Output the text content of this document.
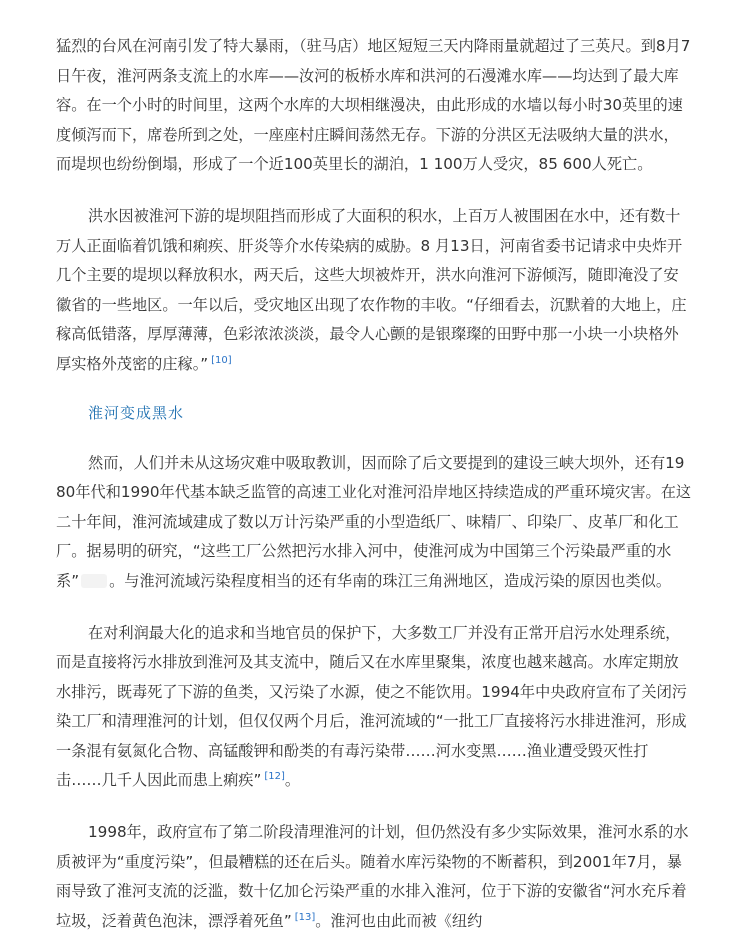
猛烈的台风在河南引发了特大暴雨，（驻马店）地区短短三天内降雨量就超过了三英尺。到8月7日午夜，淮河两条支流上的水库——汝河的板桥水库和洪河的石漫滩水库——均达到了最大库容。在一个小时的时间里，这两个水库的大坝相继漫决，由此形成的水墙以每小时30英里的速度倾泻而下，席卷所到之处，一座座村庄瞬间荡然无存。下游的分洪区无法吸纳大量的洪水，而堤坝也纷纷倒塌，形成了一个近100英里长的湖泊，1 100万人受灾，85 600人死亡。

洪水因被淮河下游的堤坝阻挡而形成了大面积的积水，上百万人被围困在水中，还有数十万人正面临着饥饿和痢疾、肝炎等介水传染病的威胁。8 月13日，河南省委书记请求中央炸开几个主要的堤坝以释放积水，两天后，这些大坝被炸开，洪水向淮河下游倾泻，随即淹没了安徽省的一些地区。一年以后，受灾地区出现了农作物的丰收。“仔细看去，沉默着的大地上，庄稼高低错落，厚厚薄薄，色彩浓浓淡淡，最令人心颤的是银璨璨的田野中那一小块一小块格外厚实格外茂密的庄稼。” [10]

淮河变成黑水

然而，人们并未从这场灾难中吸取教训，因而除了后文要提到的建设三峡大坝外，还有1980年代和1990年代基本缺乏监管的高速工业化对淮河沿岸地区持续造成的严重环境灾害。在这二十年间，淮河流域建成了数以万计污染严重的小型造纸厂、味精厂、印染厂、皮革厂和化工厂。据易明的研究，“这些工厂公然把污水排入河中，使淮河成为中国第三个污染最严重的水系” 。与淮河流域污染程度相当的还有华南的珠江三角洲地区，造成污染的原因也类似。

在对利润最大化的追求和当地官员的保护下，大多数工厂并没有正常开启污水处理系统，而是直接将污水排放到淮河及其支流中，随后又在水库里聚集，浓度也越来越高。水库定期放水排污，既毒死了下游的鱼类，又污染了水源，使之不能饮用。1994年中央政府宣布了关闭污染工厂和清理淮河的计划，但仅仅两个月后，淮河流域的“一批工厂直接将污水排进淮河，形成一条混有氨氮化合物、高锰酸钾和酚类的有毒污染带……河水变黑……渔业遭受毁灭性打击……几千人因此而患上痢疾” [12]。

1998年，政府宣布了第二阶段清理淮河的计划，但仍然没有多少实际效果，淮河水系的水质被评为“重度污染”，但最糟糕的还在后头。随着水库污染物的不断蓄积，到2001年7月，暴雨导致了淮河支流的泛滥，数十亿加仑污染严重的水排入淮河，位于下游的安徽省“河水充斥着垃圾，泛着黄色泡沫，漂浮着死鱼” [13]。淮河也由此而被《纽约
